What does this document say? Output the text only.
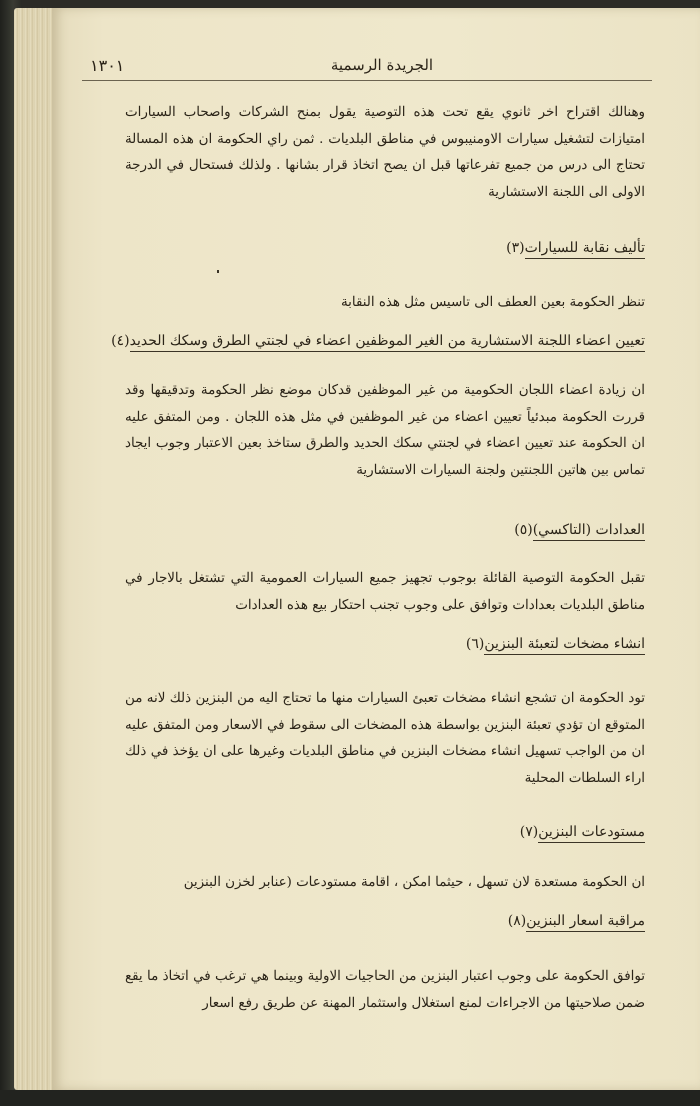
الجريدة الرسمية
١٣٠١
وهنالك اقتراح اخر ثانوي يقع تحت هذه التوصية يقول بمنح الشركات واصحاب السيارات امتيازات لتشغيل سيارات الاومنيبوس في مناطق البلديات . ثمن راي الحكومة ان هذه المسالة تحتاج الى درس من جميع تفرعاتها قبل ان يصح اتخاذ قرار بشانها . ولذلك فستحال في الدرجة الاولى الى اللجنة الاستشارية
(٣)تأليف نقابة للسيارات
تنظر الحكومة بعين العطف الى تاسيس مثل هذه النقابة
(٤)تعيين اعضاء اللجنة الاستشارية من الغير الموظفين اعضاء في لجنتي الطرق وسكك الحديد
ان زيادة اعضاء اللجان الحكومية من غير الموظفين قدكان موضع نظر الحكومة وتدقيقها وقد قررت الحكومة مبدئياً تعيين اعضاء من غير الموظفين في مثل هذه اللجان . ومن المتفق عليه ان الحكومة عند تعيين اعضاء في لجنتي سكك الحديد والطرق ستاخذ بعين الاعتبار وجوب ايجاد تماس بين هاتين اللجنتين ولجنة السيارات الاستشارية
(٥)العدادات (التاكسي)
تقبل الحكومة التوصية القائلة بوجوب تجهيز جميع السيارات العمومية التي تشتغل بالاجار في مناطق البلديات بعدادات وتوافق على وجوب تجنب احتكار بيع هذه العدادات
(٦)انشاء مضخات لتعبئة البنزين
تود الحكومة ان تشجع انشاء مضخات تعبئ السيارات منها ما تحتاج اليه من البنزين ذلك لانه من المتوقع ان تؤدي تعبئة البنزين بواسطة هذه المضخات الى سقوط في الاسعار ومن المتفق عليه ان من الواجب تسهيل انشاء مضخات البنزين في مناطق البلديات وغيرها على ان يؤخذ في ذلك اراء السلطات المحلية
(٧)مستودعات البنزين
ان الحكومة مستعدة لان تسهل ، حيثما امكن ، اقامة مستودعات (عنابر لخزن البنزين
(٨)مراقبة اسعار البنزين
توافق الحكومة على وجوب اعتبار البنزين من الحاجيات الاولية وبينما هي ترغب في اتخاذ ما يقع ضمن صلاحيتها من الاجراءات لمنع استغلال واستثمار المهنة عن طريق رفع اسعار
